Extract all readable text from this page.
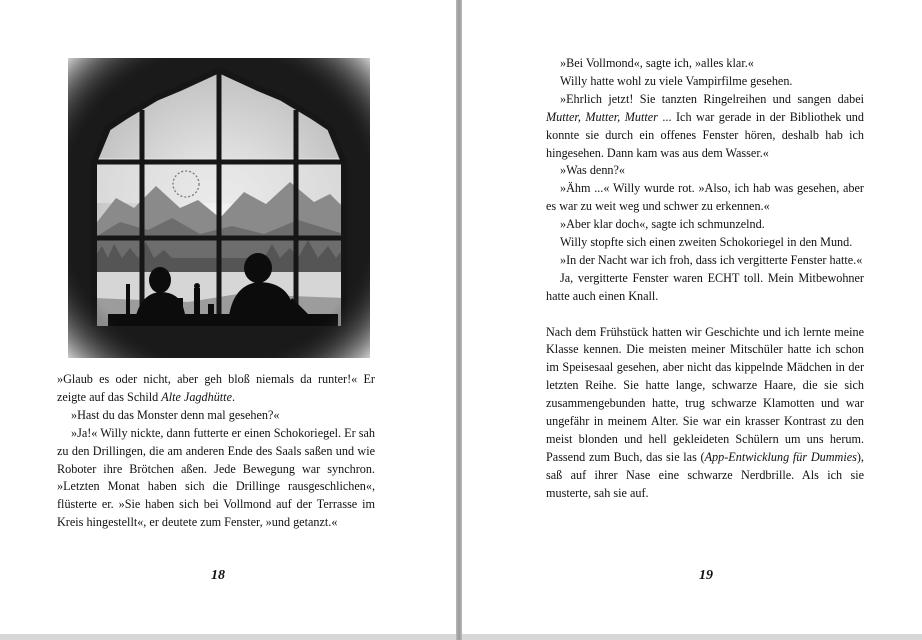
»Glaub es oder nicht, aber geh bloß niemals da runter!« Er zeigte auf das Schild Alte Jagdhütte.

»Hast du das Monster denn mal gesehen?«

»Ja!« Willy nickte, dann futterte er einen Schokoriegel. Er sah zu den Drillingen, die am anderen Ende des Saals saßen und wie Roboter ihre Brötchen aßen. Jede Bewegung war synchron. »Letzten Monat haben sich die Drillinge rausgeschlichen«, flüsterte er. »Sie haben sich bei Vollmond auf der Terrasse im Kreis hingestellt«, er deutete zum Fenster, »und getanzt.«

18

»Bei Vollmond«, sagte ich, »alles klar.«

Willy hatte wohl zu viele Vampirfilme gesehen.

»Ehrlich jetzt! Sie tanzten Ringelreihen und sangen dabei Mutter, Mutter, Mutter ... Ich war gerade in der Bibliothek und konnte sie durch ein offenes Fenster hören, deshalb hab ich hingesehen. Dann kam was aus dem Wasser.«

»Was denn?«

»Ähm ...« Willy wurde rot. »Also, ich hab was gesehen, aber es war zu weit weg und schwer zu erkennen.«

»Aber klar doch«, sagte ich schmunzelnd.

Willy stopfte sich einen zweiten Schokoriegel in den Mund.

»In der Nacht war ich froh, dass ich vergitterte Fenster hatte.«

Ja, vergitterte Fenster waren ECHT toll. Mein Mitbewohner hatte auch einen Knall.

Nach dem Frühstück hatten wir Geschichte und ich lernte meine Klasse kennen. Die meisten meiner Mitschüler hatte ich schon im Speisesaal gesehen, aber nicht das kippelnde Mädchen in der letzten Reihe. Sie hatte lange, schwarze Haare, die sie sich zusammengebunden hatte, trug schwarze Klamotten und war ungefähr in meinem Alter. Sie war ein krasser Kontrast zu den meist blonden und hell gekleideten Schülern um uns herum. Passend zum Buch, das sie las (App-Entwicklung für Dummies), saß auf ihrer Nase eine schwarze Nerdbrille. Als ich sie musterte, sah sie auf.

19
